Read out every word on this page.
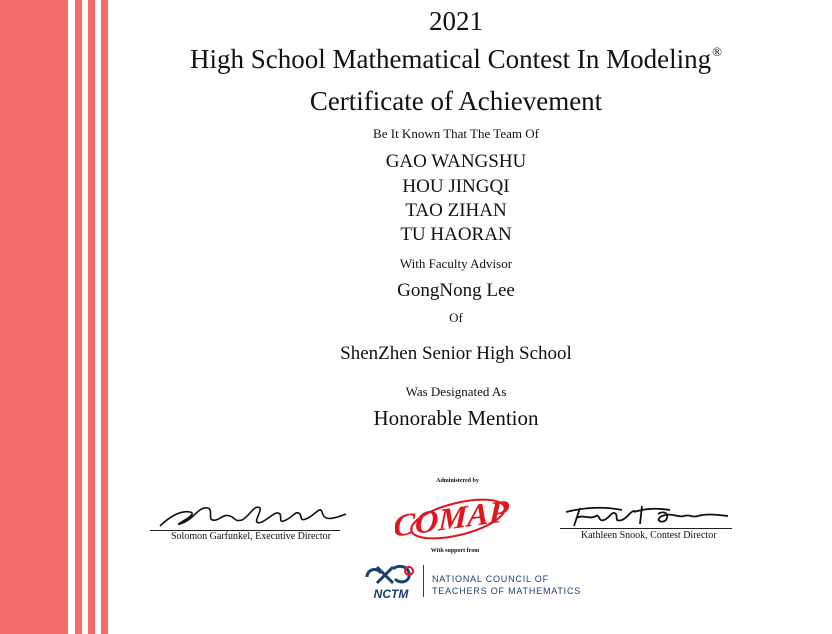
2021
High School Mathematical Contest In Modeling®
Certificate of Achievement
Be It Known That The Team Of
GAO WANGSHU
HOU JINGQI
TAO ZIHAN
TU HAORAN
With Faculty Advisor
GongNong Lee
Of
ShenZhen Senior High School
Was Designated As
Honorable Mention
Solomon Garfunkel, Executive Director
Administered by
COMAP
With support from
Kathleen Snook, Contest Director
NCTM
NATIONAL COUNCIL OF
TEACHERS OF MATHEMATICS
